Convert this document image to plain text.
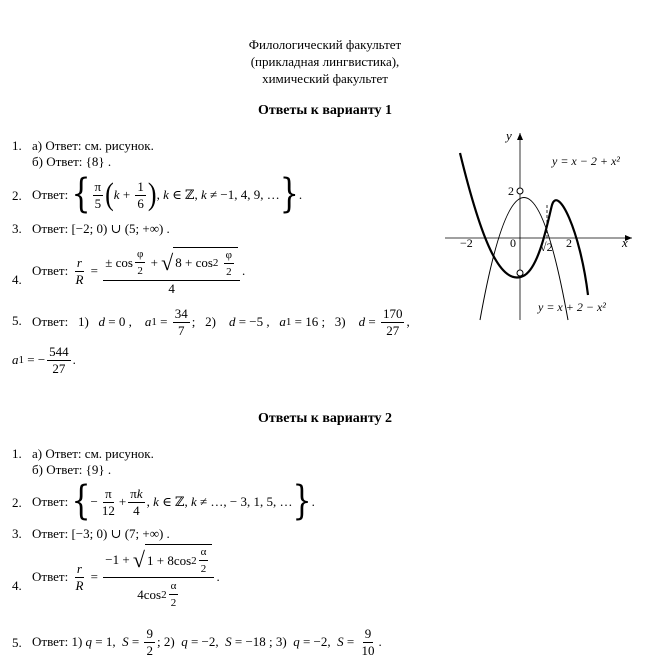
Филологический факультет
(прикладная лингвистика),
химический факультет
Ответы к варианту 1
1. а) Ответ: см. рисунок.
б) Ответ: {8} .
2. Ответ:
{ $\frac{\pi}{5}$ ( $k + \frac{1}{6}$ ) , k ∈ ℤ, k ≠ −1, 4, 9, … } .
3. Ответ: [−2; 0) ∪ (5; +∞) .
4.
Ответ:
$\frac{r}{R}$ = ± $\cos \frac{\varphi}{2}$ + √ 8 + cos 2
$\frac{\varphi}{2}$
4 .
5. Ответ: 1) d = 0 , a $1 = \frac{34}{7}$ ;   2) d = −5 , a 1 = 16 ;   3) $d = \frac{170}{27}$ ,
a 1 = − $\frac{544}{27}$ .
y
x
−2	0	2
2
√2
y = x − 2 + x²
y = x + 2 − x²
Ответы к варианту 2
1. а) Ответ: см. рисунок.
б) Ответ: {9} .
2. Ответ:
{ − $\frac{\pi}{12} + \frac{\pi k}{4}$ , k ∈ ℤ, k ≠ …, − 3, 1, 5, … } .
3. Ответ: [−3; 0) ∪ (7; +∞) .
4.
Ответ:
$\frac{r}{R} = \frac{-1 + √ 1 + 8\cos 2 \frac{\alpha}{2}}{4\cos 2 \frac{\alpha}{2}}$ .
5. Ответ: 1) q = 1, $S = \frac{9}{2}$ ; 2) q = −2, S = −18 ; 3) q = −2, $S = \frac{9}{10}$ .
